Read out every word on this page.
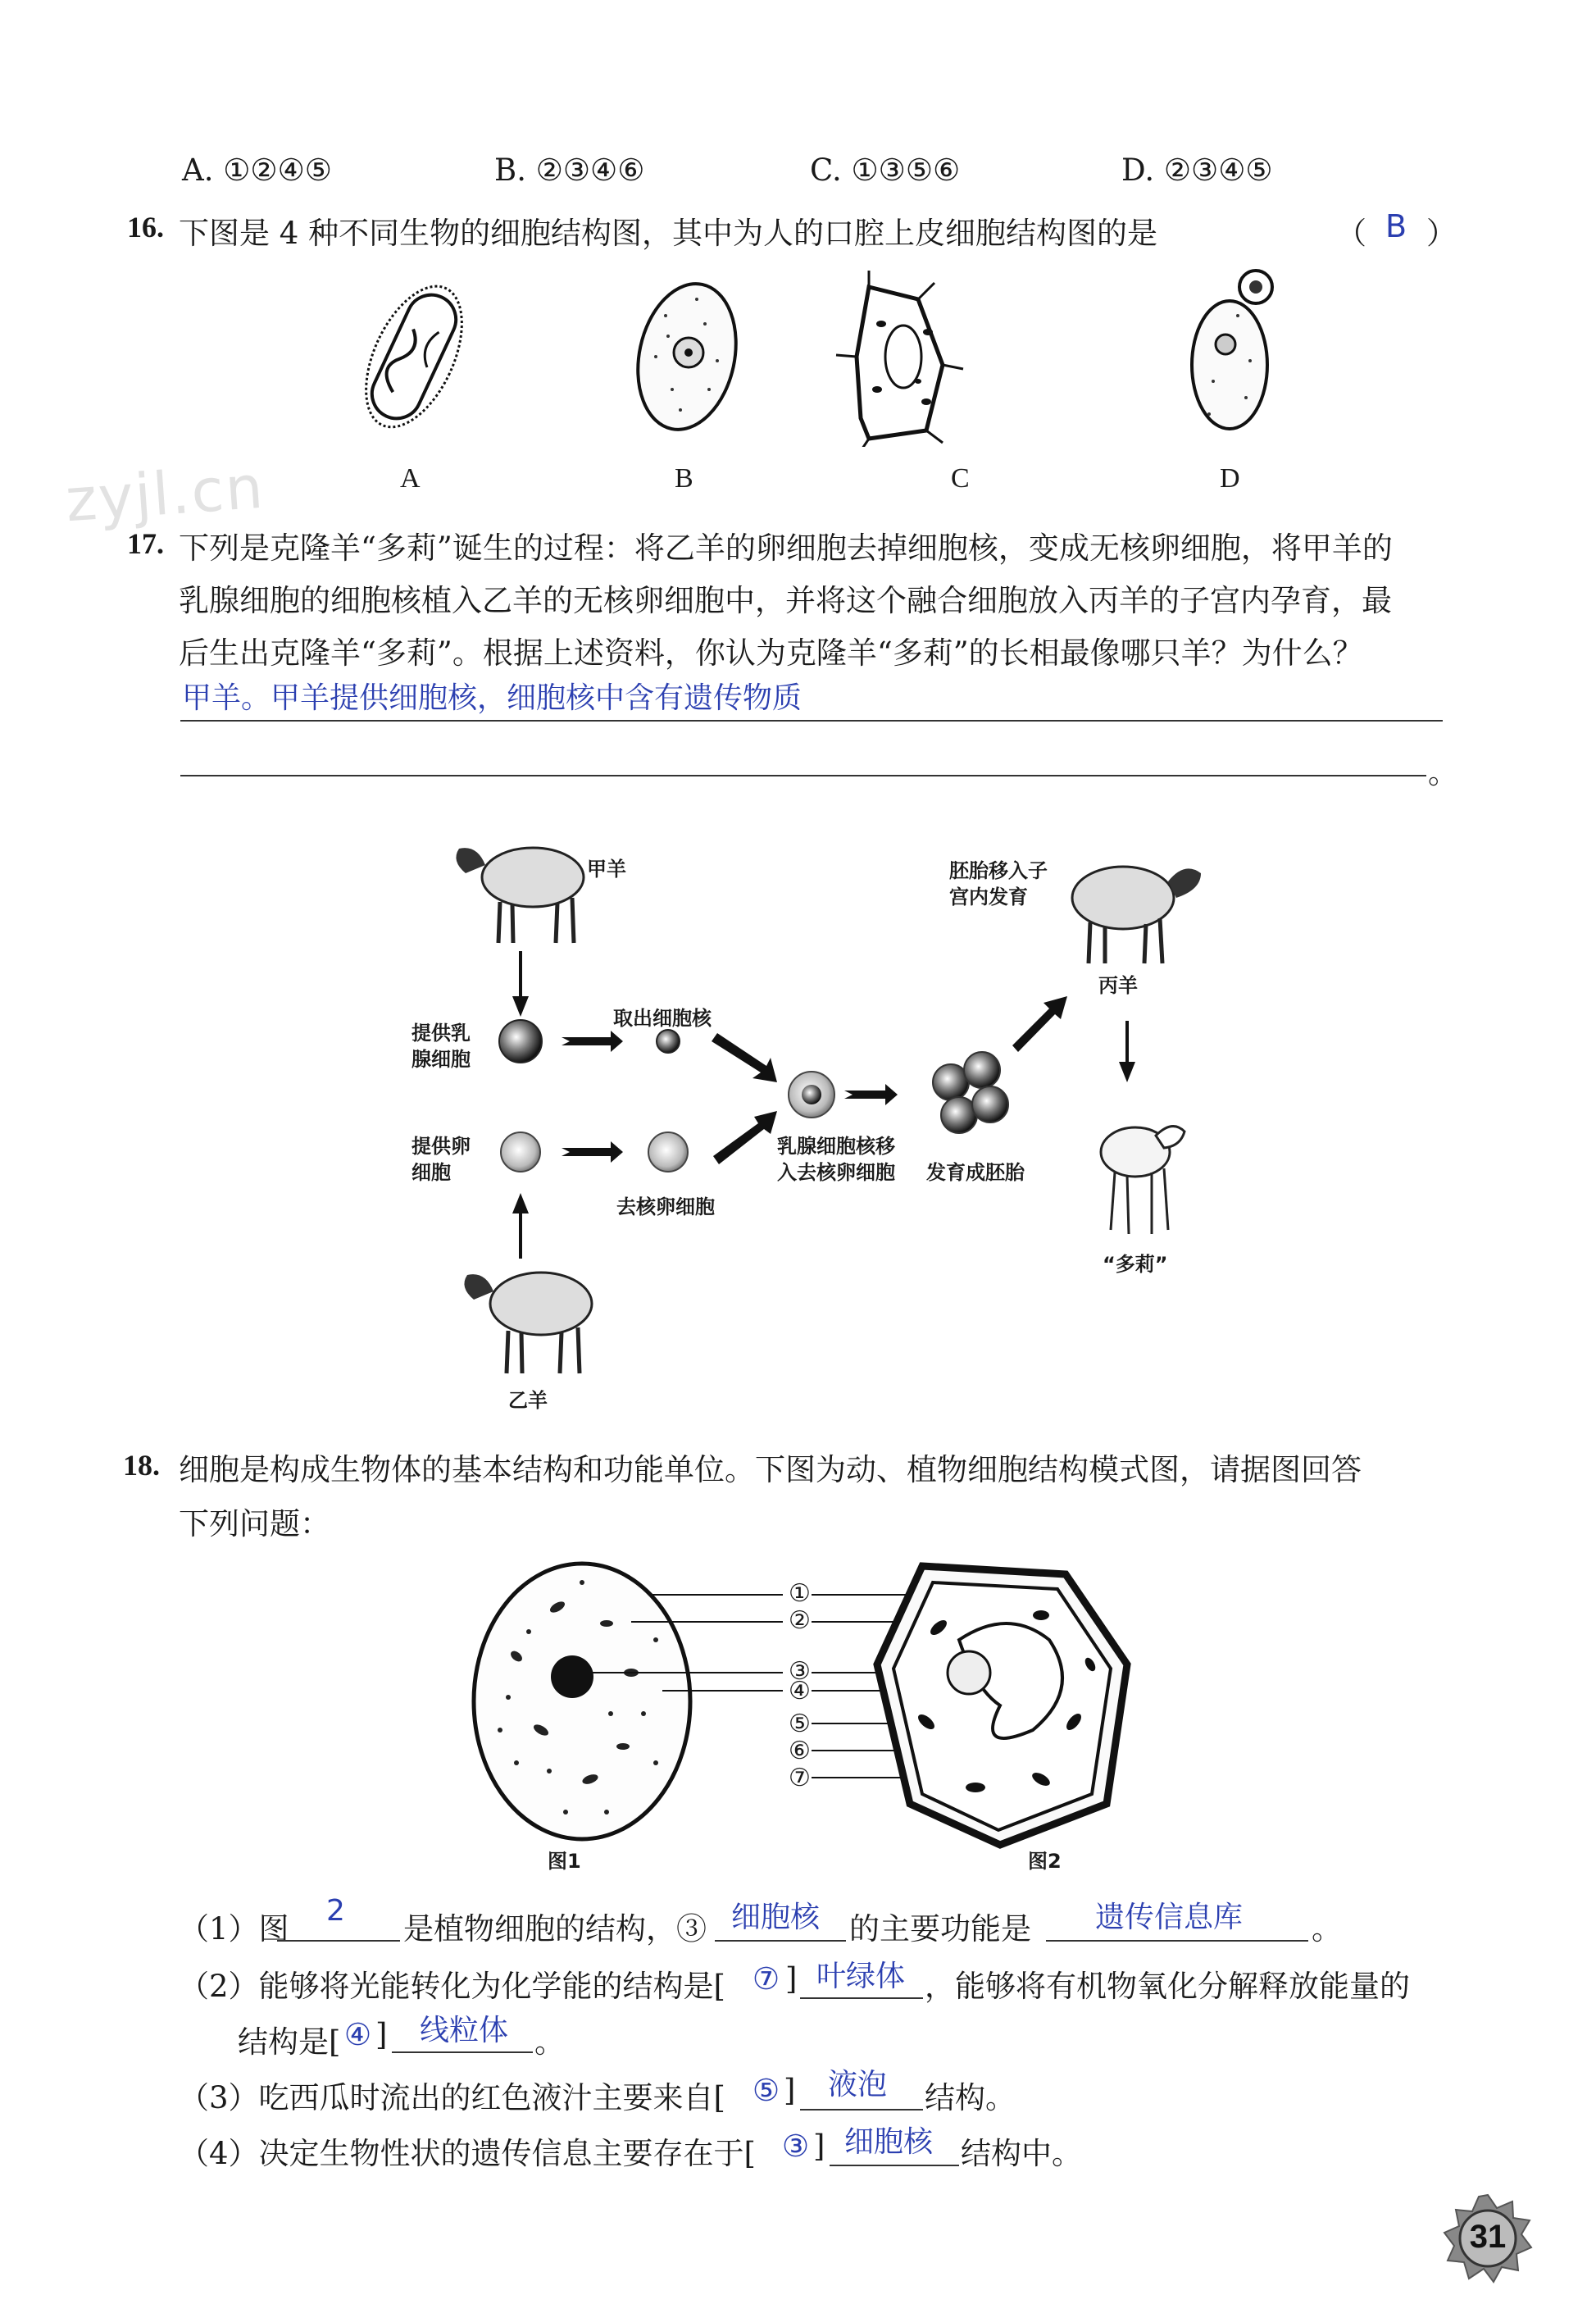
A. ①②④⑤	B. ②③④⑥	C. ①③⑤⑥	D. ②③④⑤
16. 下图是 4 种不同生物的细胞结构图，其中为人的口腔上皮细胞结构图的是	（ B ）
A	B	C	D
zyjl.cn
17. 下列是克隆羊“多莉”诞生的过程：将乙羊的卵细胞去掉细胞核，变成无核卵细胞，将甲羊的
乳腺细胞的细胞核植入乙羊的无核卵细胞中，并将这个融合细胞放入丙羊的子宫内孕育，最
后生出克隆羊“多莉”。根据上述资料，你认为克隆羊“多莉”的长相最像哪只羊？为什么？
甲羊。甲羊提供细胞核，细胞核中含有遗传物质
。
甲羊
提供乳
腺细胞
取出细胞核
提供卵
细胞
去核卵细胞
乳腺细胞核移
入去核卵细胞 发育成胚胎
胚胎移入子
宫内发育
丙羊
“多莉”
乙羊
18. 细胞是构成生物体的基本结构和功能单位。下图为动、植物细胞结构模式图，请据图回答
下列问题：
①
②
③
④
⑤
⑥
⑦
图1	图2
（1）图
2
是植物细胞的结构，③ 细胞核 的主要功能是 遗传信息库 。
（2）能够将光能转化为化学能的结构是[ ⑦ ] 叶绿体 ，能够将有机物氧化分解释放能量的
结构是[ ④ ] 线粒体 。
（3）吃西瓜时流出的红色液汁主要来自[ ⑤ ] 液泡 结构。
（4）决定生物性状的遗传信息主要存在于[ ③ ] 细胞核 结构中。
31
